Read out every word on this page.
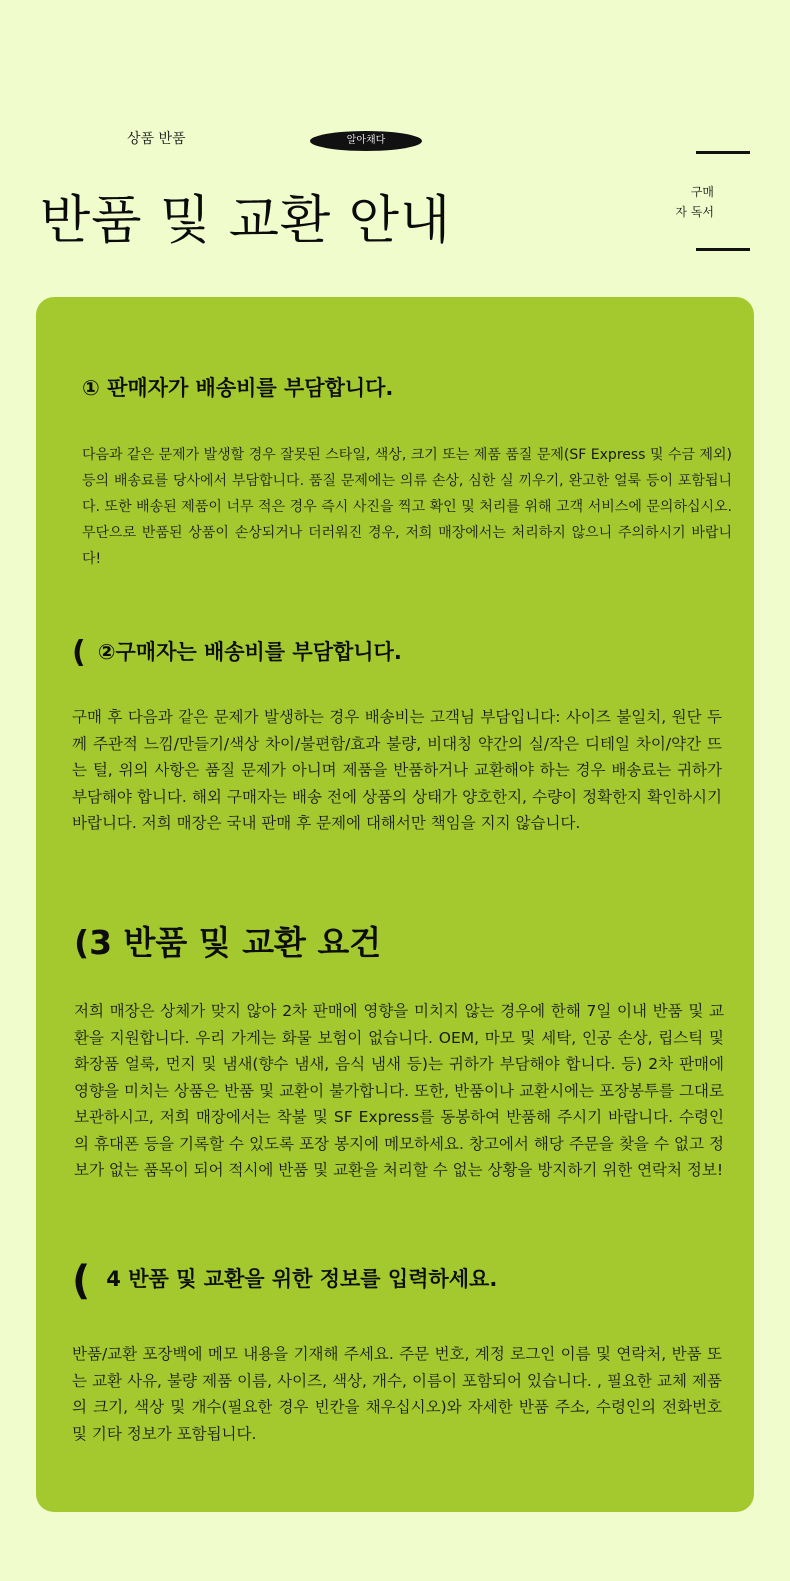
상품 반품	알아채다
반품 및 교환 안내	구매
자 독서
① 판매자가 배송비를 부담합니다.

다음과 같은 문제가 발생할 경우 잘못된 스타일, 색상, 크기 또는 제품 품질 문제(SF Express 및 수금 제외) 등의 배송료를 당사에서 부담합니다. 품질 문제에는 의류 손상, 심한 실 끼우기, 완고한 얼룩 등이 포함됩니다. 또한 배송된 제품이 너무 적은 경우 즉시 사진을 찍고 확인 및 처리를 위해 고객 서비스에 문의하십시오. 무단으로 반품된 상품이 손상되거나 더러워진 경우, 저희 매장에서는 처리하지 않으니 주의하시기 바랍니다!

( ②구매자는 배송비를 부담합니다.

구매 후 다음과 같은 문제가 발생하는 경우 배송비는 고객님 부담입니다: 사이즈 불일치, 원단 두께 주관적 느낌/만들기/색상 차이/불편함/효과 불량, 비대칭 약간의 실/작은 디테일 차이/약간 뜨는 털, 위의 사항은 품질 문제가 아니며 제품을 반품하거나 교환해야 하는 경우 배송료는 귀하가 부담해야 합니다. 해외 구매자는 배송 전에 상품의 상태가 양호한지, 수량이 정확한지 확인하시기 바랍니다. 저희 매장은 국내 판매 후 문제에 대해서만 책임을 지지 않습니다.

(3 반품 및 교환 요건

저희 매장은 상체가 맞지 않아 2차 판매에 영향을 미치지 않는 경우에 한해 7일 이내 반품 및 교환을 지원합니다. 우리 가게는 화물 보험이 없습니다. OEM, 마모 및 세탁, 인공 손상, 립스틱 및 화장품 얼룩, 먼지 및 냄새(향수 냄새, 음식 냄새 등)는 귀하가 부담해야 합니다. 등) 2차 판매에 영향을 미치는 상품은 반품 및 교환이 불가합니다. 또한, 반품이나 교환시에는 포장봉투를 그대로 보관하시고, 저희 매장에서는 착불 및 SF Express를 동봉하여 반품해 주시기 바랍니다. 수령인의 휴대폰 등을 기록할 수 있도록 포장 봉지에 메모하세요. 창고에서 해당 주문을 찾을 수 없고 정보가 없는 품목이 되어 적시에 반품 및 교환을 처리할 수 없는 상황을 방지하기 위한 연락처 정보!

( 4 반품 및 교환을 위한 정보를 입력하세요.

반품/교환 포장백에 메모 내용을 기재해 주세요. 주문 번호, 계정 로그인 이름 및 연락처, 반품 또는 교환 사유, 불량 제품 이름, 사이즈, 색상, 개수, 이름이 포함되어 있습니다. , 필요한 교체 제품의 크기, 색상 및 개수(필요한 경우 빈칸을 채우십시오)와 자세한 반품 주소, 수령인의 전화번호 및 기타 정보가 포함됩니다.
